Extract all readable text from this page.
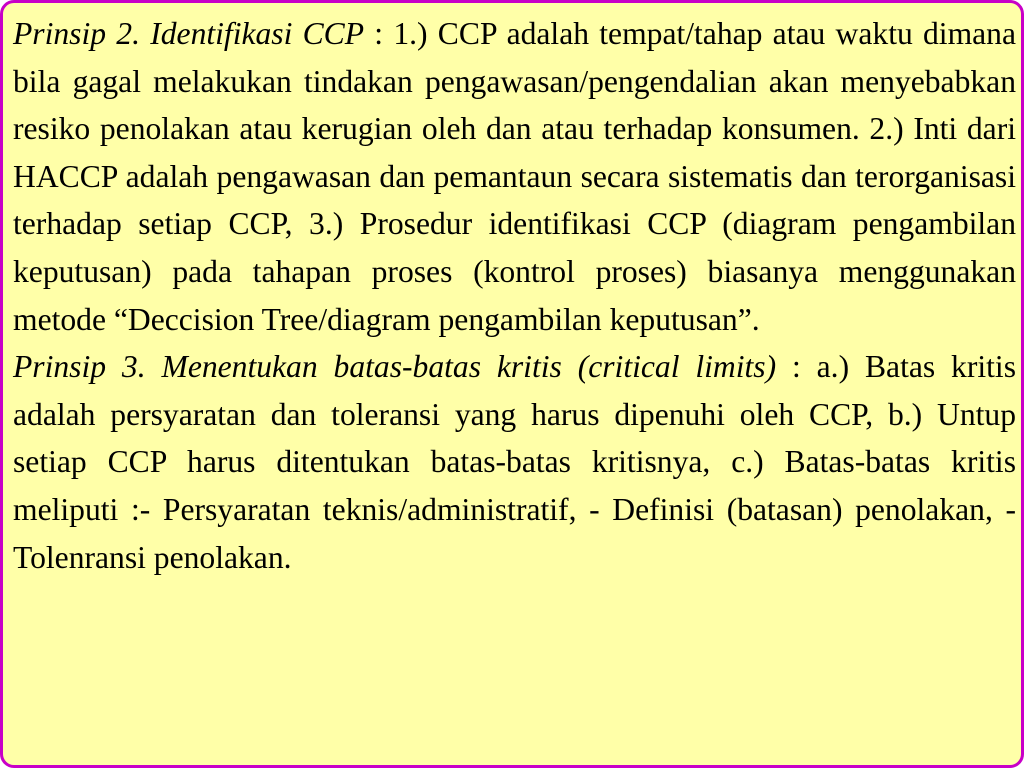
Prinsip 2. Identifikasi CCP : 1.) CCP adalah tempat/tahap atau waktu dimana bila gagal melakukan tindakan pengawasan/pengendalian akan menyebabkan resiko penolakan atau kerugian oleh dan atau terhadap konsumen. 2.) Inti dari HACCP adalah pengawasan dan pemantaun secara sistematis dan terorganisasi terhadap setiap CCP, 3.) Prosedur identifikasi CCP (diagram pengambilan keputusan) pada tahapan proses (kontrol proses) biasanya menggunakan metode “Deccision Tree/diagram pengambilan keputusan”.

Prinsip 3. Menentukan batas-batas kritis (critical limits) : a.) Batas kritis adalah persyaratan dan toleransi yang harus dipenuhi oleh CCP, b.) Untup setiap CCP harus ditentukan batas-batas kritisnya, c.) Batas-batas kritis meliputi :- Persyaratan teknis/administratif, - Definisi (batasan) penolakan, - Tolenransi penolakan.
